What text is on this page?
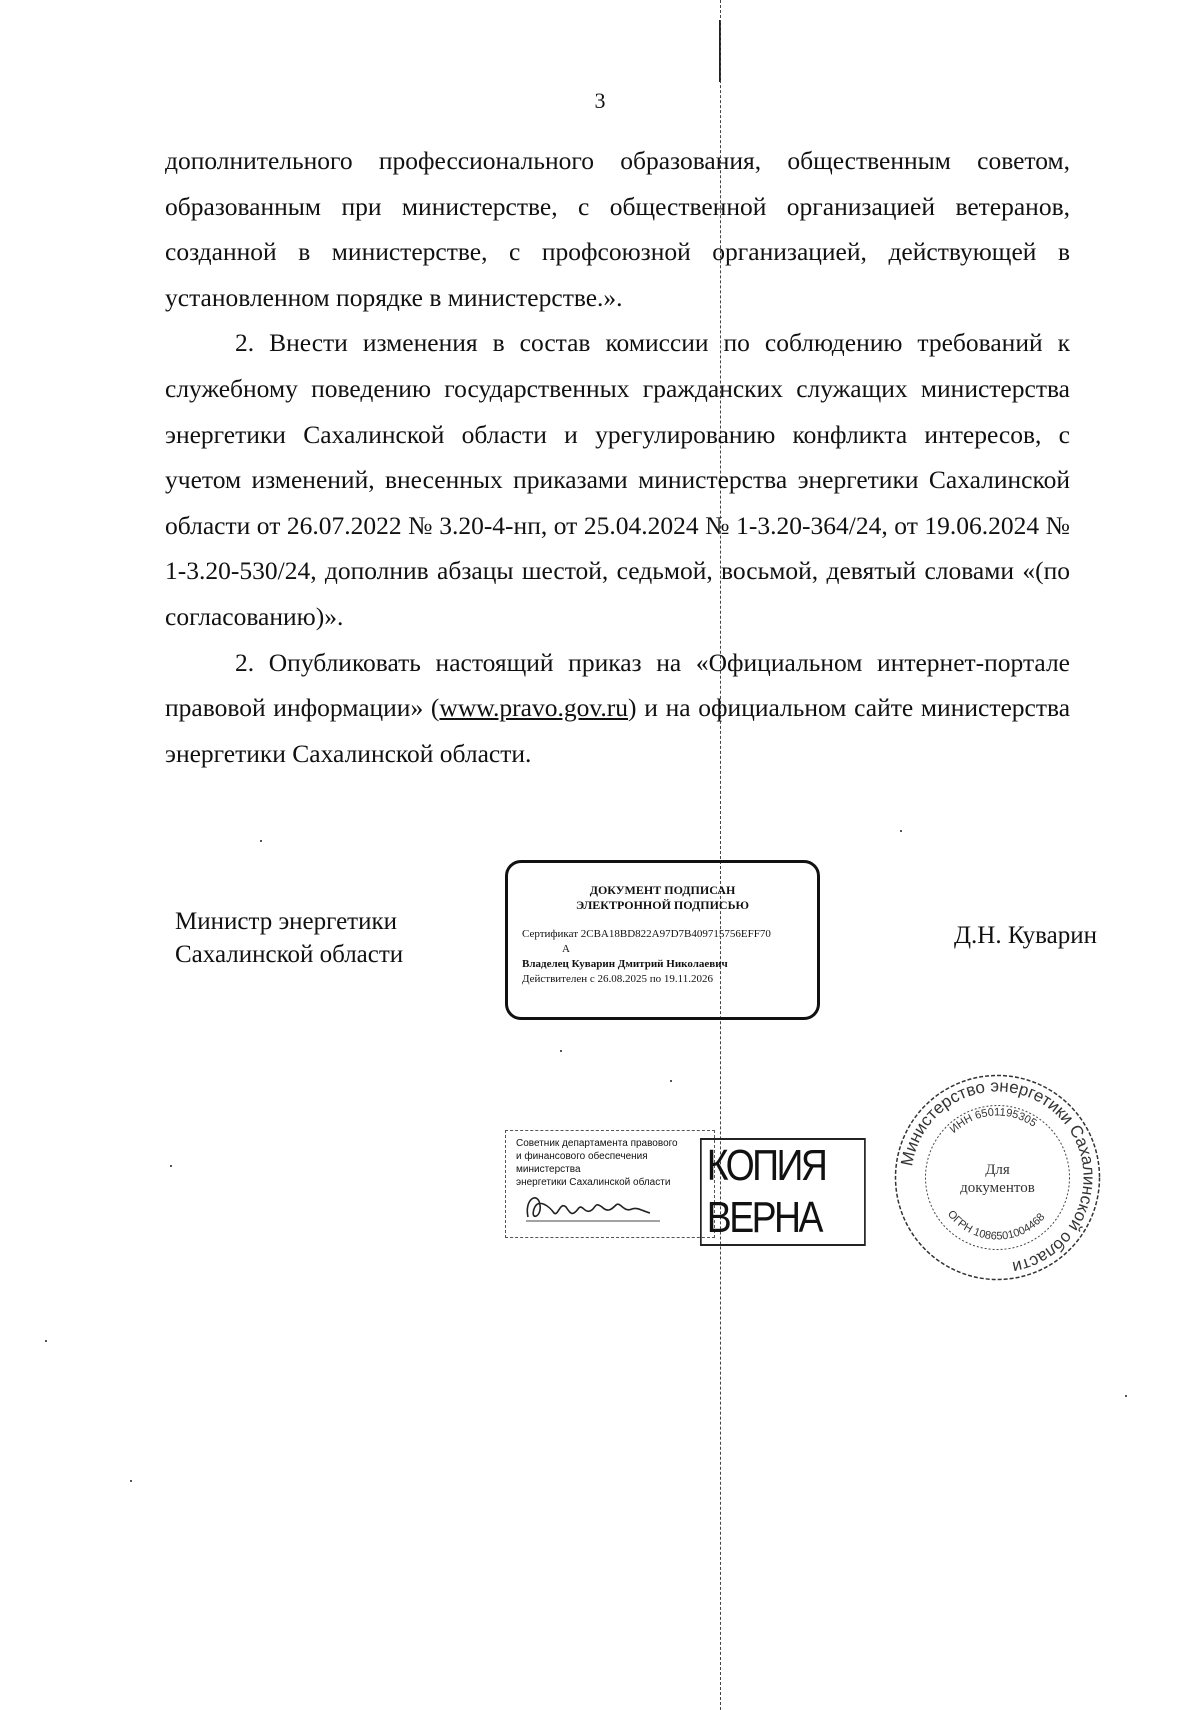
3

дополнительного профессионального образования, общественным советом, образованным при министерстве, с общественной организацией ветеранов, созданной в министерстве, с профсоюзной организацией, действующей в установленном порядке в министерстве.».

2. Внести изменения в состав комиссии по соблюдению требований к служебному поведению государственных гражданских служащих министерства энергетики Сахалинской области и урегулированию конфликта интересов, с учетом изменений, внесенных приказами министерства энергетики Сахалинской области от 26.07.2022 № 3.20-4-нп, от 25.04.2024 № 1-3.20-364/24, от 19.06.2024 № 1-3.20-530/24, дополнив абзацы шестой, седьмой, восьмой, девятый словами «(по согласованию)».

2. Опубликовать настоящий приказ на «Официальном интернет-портале правовой информации» (www.pravo.gov.ru) и на официальном сайте министерства энергетики Сахалинской области.

Министр энергетики
Сахалинской области
ДОКУМЕНТ ПОДПИСАН
ЭЛЕКТРОННОЙ ПОДПИСЬЮ
Сертификат 2CBA18BD822A97D7B409715756EFF70
A
Владелец Куварин Дмитрий Николаевич
Действителен с 26.08.2025 по 19.11.2026
Д.Н. Куварин
Советник департамента правового
и финансового обеспечения министерства
энергетики Сахалинской области КОПИЯ ВЕРНА
Министерство энергетики Сахалинской области
ИНН 6501195305
ОГРН 1086501004468
Для
документов
